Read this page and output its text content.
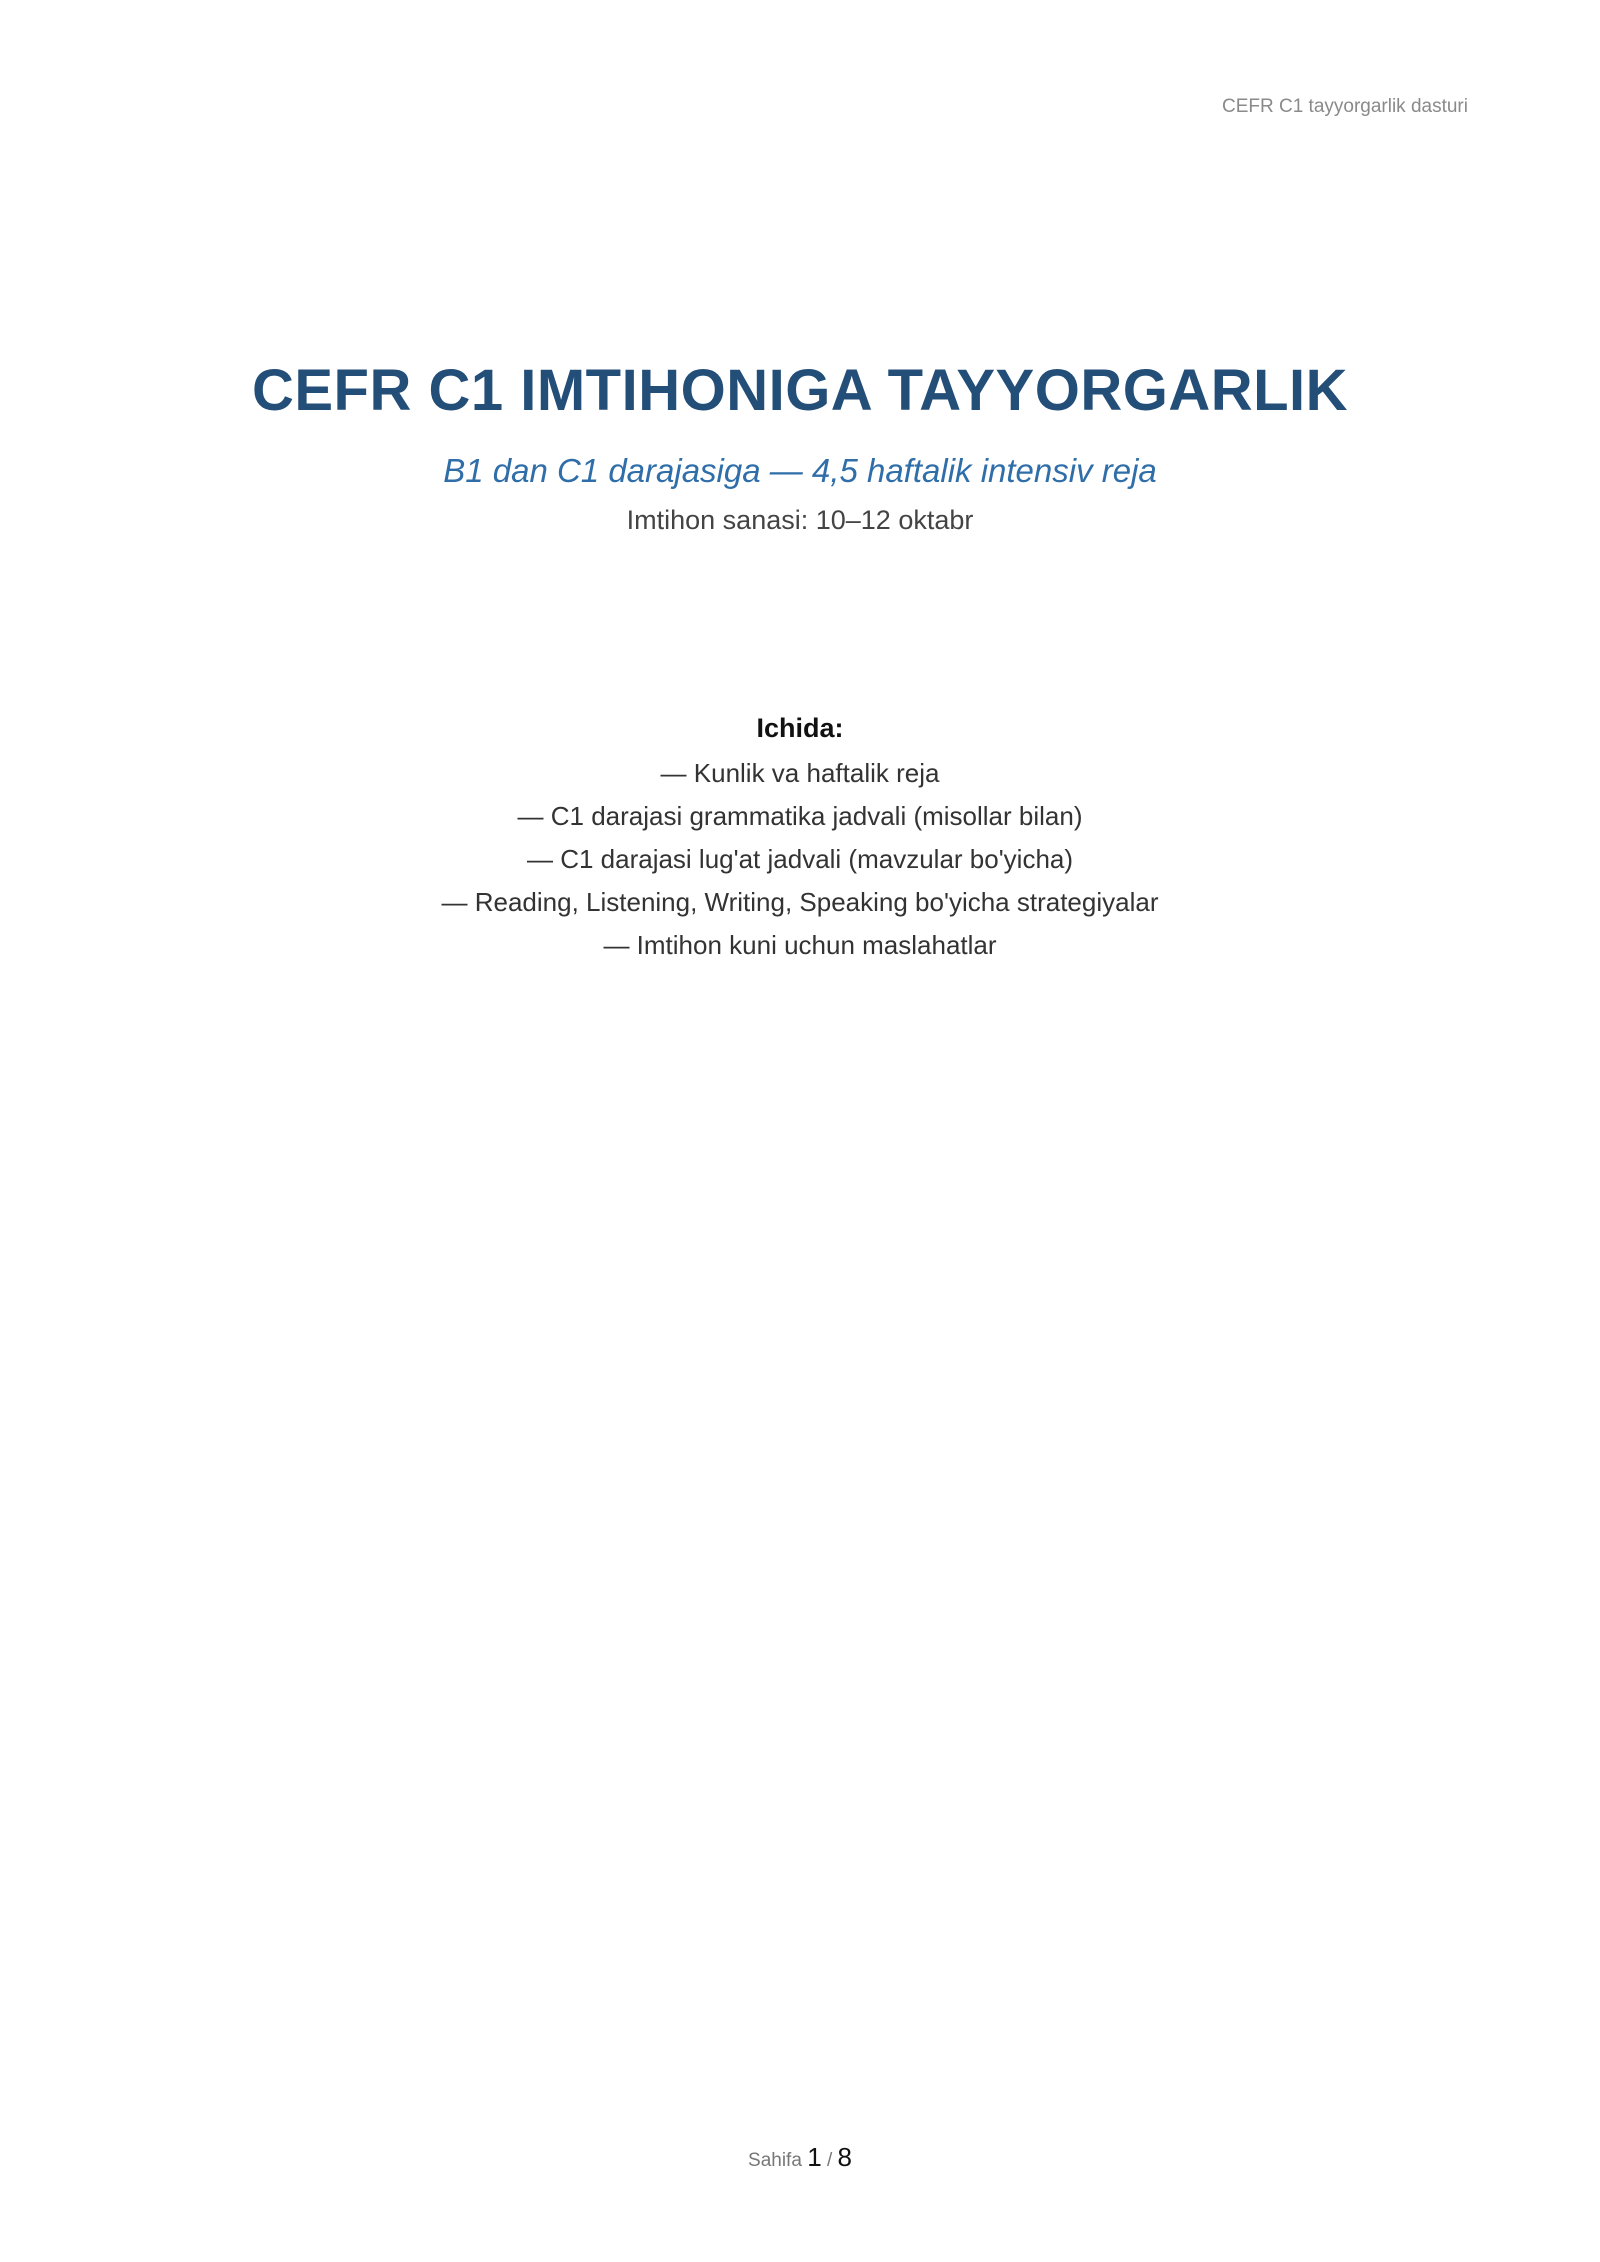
CEFR C1 tayyorgarlik dasturi
CEFR C1 IMTIHONIGA TAYYORGARLIK
B1 dan C1 darajasiga — 4,5 haftalik intensiv reja
Imtihon sanasi: 10–12 oktabr
Ichida:
— Kunlik va haftalik reja
— C1 darajasi grammatika jadvali (misollar bilan)
— C1 darajasi lug'at jadvali (mavzular bo'yicha)
— Reading, Listening, Writing, Speaking bo'yicha strategiyalar
— Imtihon kuni uchun maslahatlar
Sahifa 1 / 8
